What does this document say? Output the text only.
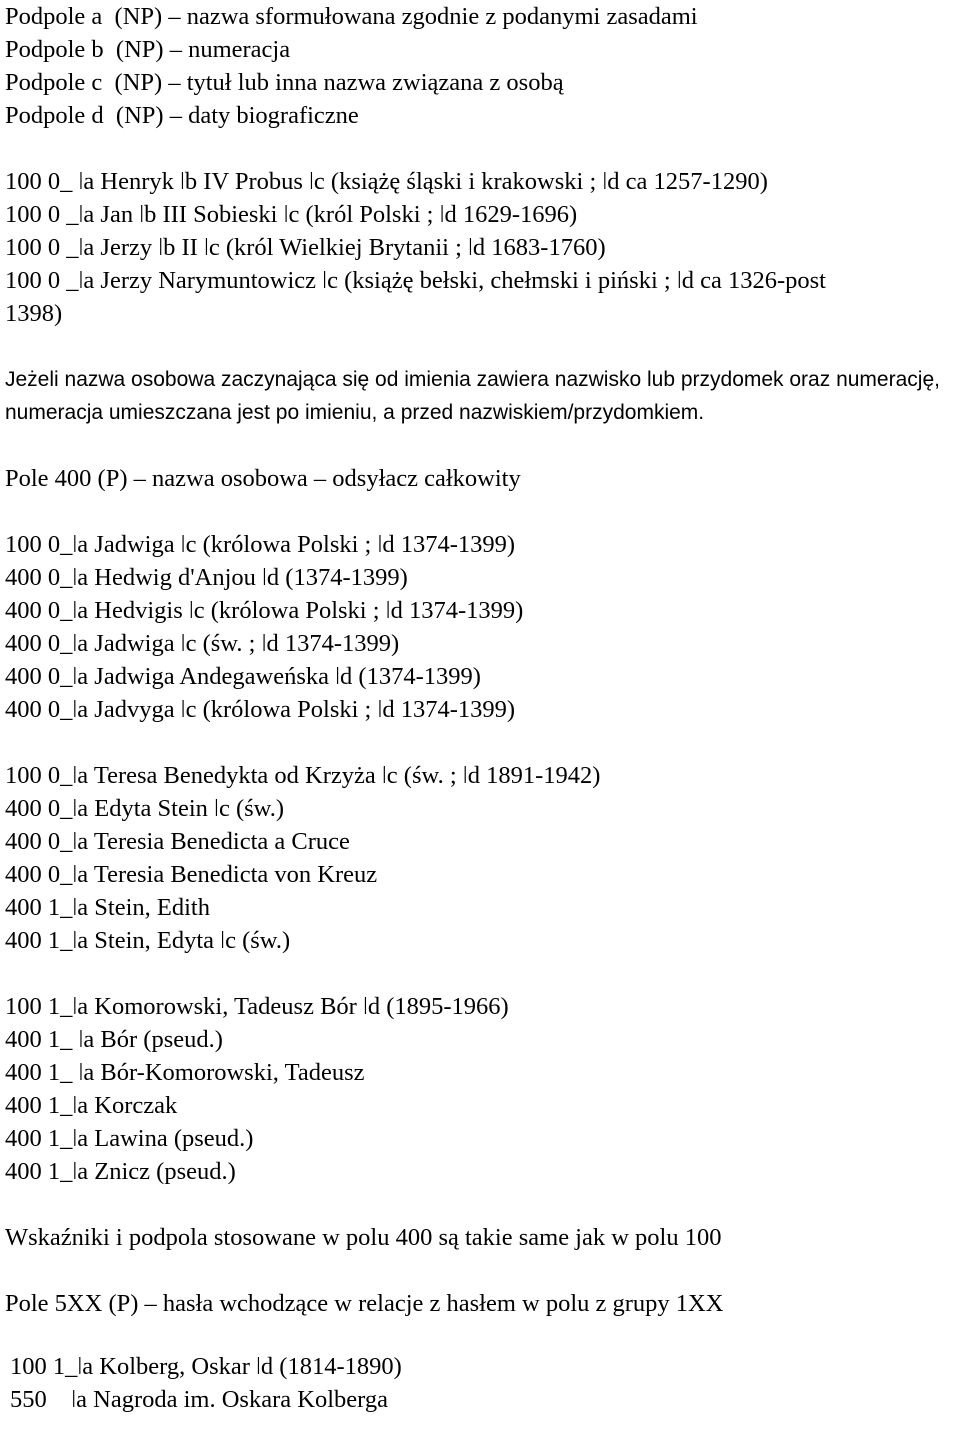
Podpole a  (NP) – nazwa sformułowana zgodnie z podanymi zasadami
Podpole b  (NP) – numeracja
Podpole c  (NP) – tytuł lub inna nazwa związana z osobą
Podpole d  (NP) – daty biograficzne
100 0_ ǀa Henryk ǀb IV Probus ǀc (książę śląski i krakowski ; ǀd ca 1257-1290)
100 0 _ǀa Jan ǀb III Sobieski ǀc (król Polski ; ǀd 1629-1696)
100 0 _ǀa Jerzy ǀb II ǀc (król Wielkiej Brytanii ; ǀd 1683-1760)
100 0 _ǀa Jerzy Narymuntowicz ǀc (książę bełski, chełmski i piński ; ǀd ca 1326-post
1398)
Jeżeli nazwa osobowa zaczynająca się od imienia zawiera nazwisko lub przydomek oraz numerację, numeracja umieszczana jest po imieniu, a przed nazwiskiem/przydomkiem.
Pole 400 (P) – nazwa osobowa – odsyłacz całkowity
100 0_ǀa Jadwiga ǀc (królowa Polski ; ǀd 1374-1399)
400 0_ǀa Hedwig d'Anjou ǀd (1374-1399)
400 0_ǀa Hedvigis ǀc (królowa Polski ; ǀd 1374-1399)
400 0_ǀa Jadwiga ǀc (św. ; ǀd 1374-1399)
400 0_ǀa Jadwiga Andegaweńska ǀd (1374-1399)
400 0_ǀa Jadvyga ǀc (królowa Polski ; ǀd 1374-1399)
100 0_ǀa Teresa Benedykta od Krzyża ǀc (św. ; ǀd 1891-1942)
400 0_ǀa Edyta Stein ǀc (św.)
400 0_ǀa Teresia Benedicta a Cruce
400 0_ǀa Teresia Benedicta von Kreuz
400 1_ǀa Stein, Edith
400 1_ǀa Stein, Edyta ǀc (św.)
100 1_ǀa Komorowski, Tadeusz Bór ǀd (1895-1966)
400 1_ ǀa Bór (pseud.)
400 1_ ǀa Bór-Komorowski, Tadeusz
400 1_ǀa Korczak
400 1_ǀa Lawina (pseud.)
400 1_ǀa Znicz (pseud.)
Wskaźniki i podpola stosowane w polu 400 są takie same jak w polu 100
Pole 5XX (P) – hasła wchodzące w relacje z hasłem w polu z grupy 1XX
100 1_ǀa Kolberg, Oskar ǀd (1814-1890)
550    ǀa Nagroda im. Oskara Kolberga
